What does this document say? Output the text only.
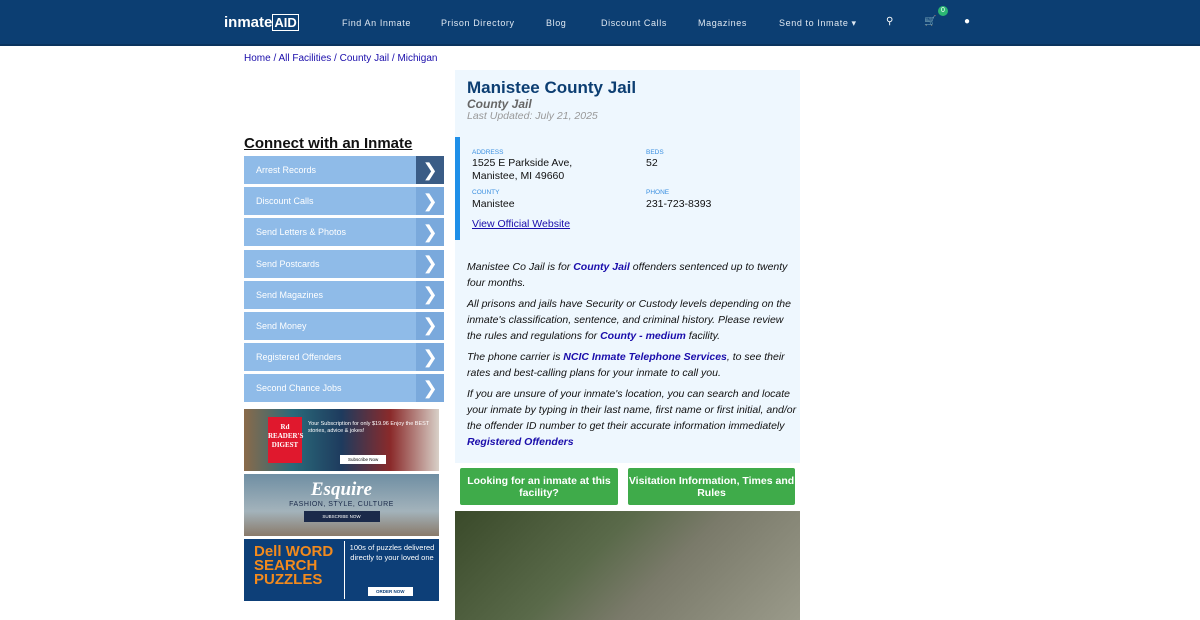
inmate AID	Find An Inmate	Prison Directory	Blog	Discount Calls	Magazines	Send to Inmate ▾	⚲	🛒
0
●
Home / All Facilities / County Jail / Michigan
Connect with an Inmate
Arrest Records	❯
Discount Calls	❯
Send Letters & Photos	❯
Send Postcards	❯
Send Magazines	❯
Send Money	❯
Registered Offenders	❯
Second Chance Jobs	❯
Rd READER'S DIGEST
Your Subscription for only $19.96 Enjoy the BEST stories, advice & jokes!
Subscribe Now
Esquire
FASHION, STYLE, CULTURE
SUBSCRIBE NOW
Dell WORD SEARCH PUZZLES
100s of puzzles delivered directly to your loved one
ORDER NOW
Manistee County Jail
County Jail
Last Updated: July 21, 2025
ADDRESS
1525 E Parkside Ave,
Manistee, MI 49660
BEDS
52
COUNTY
Manistee
PHONE
231-723-8393
View Official Website

Manistee Co Jail is for County Jail offenders sentenced up to twenty four months.

All prisons and jails have Security or Custody levels depending on the inmate's classification, sentence, and criminal history. Please review the rules and regulations for County - medium facility.

The phone carrier is NCIC Inmate Telephone Services, to see their rates and best-calling plans for your inmate to call you.

If you are unsure of your inmate's location, you can search and locate your inmate by typing in their last name, first name or first initial, and/or the offender ID number to get their accurate information immediately Registered Offenders

Looking for an inmate at this facility?
Visitation Information, Times and Rules
